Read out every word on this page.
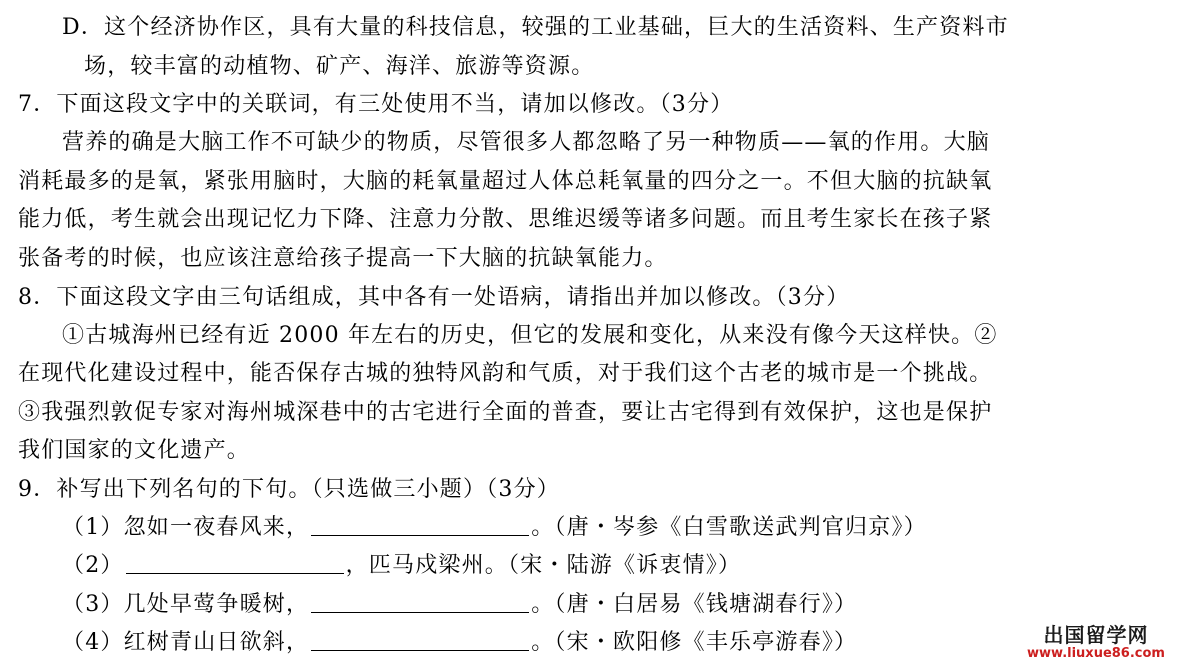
D．这个经济协作区，具有大量的科技信息，较强的工业基础，巨大的生活资料、生产资料市
场，较丰富的动植物、矿产、海洋、旅游等资源。
7．下面这段文字中的关联词，有三处使用不当，请加以修改。（3分）
营养的确是大脑工作不可缺少的物质，尽管很多人都忽略了另一种物质——氧的作用。大脑
消耗最多的是氧，紧张用脑时，大脑的耗氧量超过人体总耗氧量的四分之一。不但大脑的抗缺氧
能力低，考生就会出现记忆力下降、注意力分散、思维迟缓等诸多问题。而且考生家长在孩子紧
张备考的时候，也应该注意给孩子提高一下大脑的抗缺氧能力。
8．下面这段文字由三句话组成，其中各有一处语病，请指出并加以修改。（3分）
①古城海州已经有近 2000 年左右的历史，但它的发展和变化，从来没有像今天这样快。②
在现代化建设过程中，能否保存古城的独特风韵和气质，对于我们这个古老的城市是一个挑战。
③我强烈敦促专家对海州城深巷中的古宅进行全面的普查，要让古宅得到有效保护，这也是保护
我们国家的文化遗产。
9．补写出下列名句的下句。（只选做三小题）（3分）
（1）忽如一夜春风来，	。（唐・岑参《白雪歌送武判官归京》）
（2）	，匹马戍梁州。（宋・陆游《诉衷情》）
（3）几处早莺争暖树，	。（唐・白居易《钱塘湖春行》）
（4）红树青山日欲斜，	。（宋・欧阳修《丰乐亭游春》）	出国留学网
www.liuxue86.com
